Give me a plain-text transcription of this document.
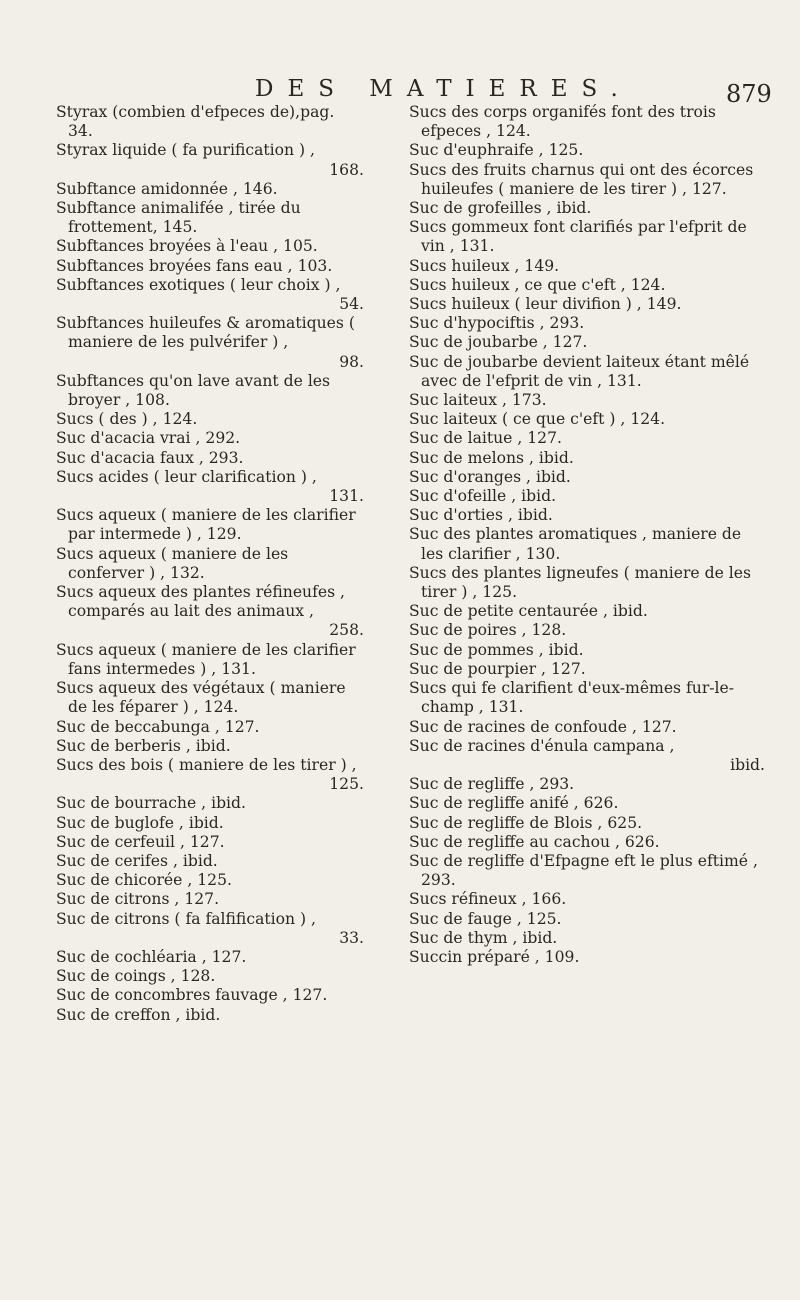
DES MATIERES.	879

Styrax (combien d'efpeces de),pag. 34.

Styrax liquide ( fa purification ) ,
168.

Subftance amidonnée , 146.

Subftance animalifée , tirée du frottement, 145.

Subftances broyées à l'eau , 105.

Subftances broyées fans eau , 103.

Subftances exotiques ( leur choix ) ,
54.

Subftances huileufes & aromatiques ( maniere de les pulvérifer ) ,
98.

Subftances qu'on lave avant de les broyer , 108.

Sucs ( des ) , 124.

Suc d'acacia vrai , 292.

Suc d'acacia faux , 293.

Sucs acides ( leur clarification ) ,
131.

Sucs aqueux ( maniere de les clarifier par intermede ) , 129.

Sucs aqueux ( maniere de les conferver ) , 132.

Sucs aqueux des plantes réfineufes , comparés au lait des animaux ,
258.

Sucs aqueux ( maniere de les clarifier fans intermedes ) , 131.

Sucs aqueux des végétaux ( maniere de les féparer ) , 124.

Suc de beccabunga , 127.

Suc de berberis , ibid.

Sucs des bois ( maniere de les tirer ) ,
125.

Suc de bourrache , ibid.

Suc de buglofe , ibid.

Suc de cerfeuil , 127.

Suc de cerifes , ibid.

Suc de chicorée , 125.

Suc de citrons , 127.

Suc de citrons ( fa falfification ) ,
33.

Suc de cochléaria , 127.

Suc de coings , 128.

Suc de concombres fauvage , 127.

Suc de creffon , ibid.

Sucs des corps organifés font des trois efpeces , 124.

Suc d'euphraife , 125.

Sucs des fruits charnus qui ont des écorces huileufes ( maniere de les tirer ) , 127.

Suc de grofeilles , ibid.

Sucs gommeux font clarifiés par l'efprit de vin , 131.

Sucs huileux , 149.

Sucs huileux , ce que c'eft , 124.

Sucs huileux ( leur divifion ) , 149.

Suc d'hypociftis , 293.

Suc de joubarbe , 127.

Suc de joubarbe devient laiteux étant mêlé avec de l'efprit de vin , 131.

Suc laiteux , 173.

Suc laiteux ( ce que c'eft ) , 124.

Suc de laitue , 127.

Suc de melons , ibid.

Suc d'oranges , ibid.

Suc d'ofeille , ibid.

Suc d'orties , ibid.

Suc des plantes aromatiques , maniere de les clarifier , 130.

Sucs des plantes ligneufes ( maniere de les tirer ) , 125.

Suc de petite centaurée , ibid.

Suc de poires , 128.

Suc de pommes , ibid.

Suc de pourpier , 127.

Sucs qui fe clarifient d'eux-mêmes fur-le-champ , 131.

Suc de racines de confoude , 127.

Suc de racines d'énula campana ,
ibid.

Suc de regliffe , 293.

Suc de regliffe anifé , 626.

Suc de regliffe de Blois , 625.

Suc de regliffe au cachou , 626.

Suc de regliffe d'Efpagne eft le plus eftimé , 293.

Sucs réfineux , 166.

Suc de fauge , 125.

Suc de thym , ibid.

Succin préparé , 109.
